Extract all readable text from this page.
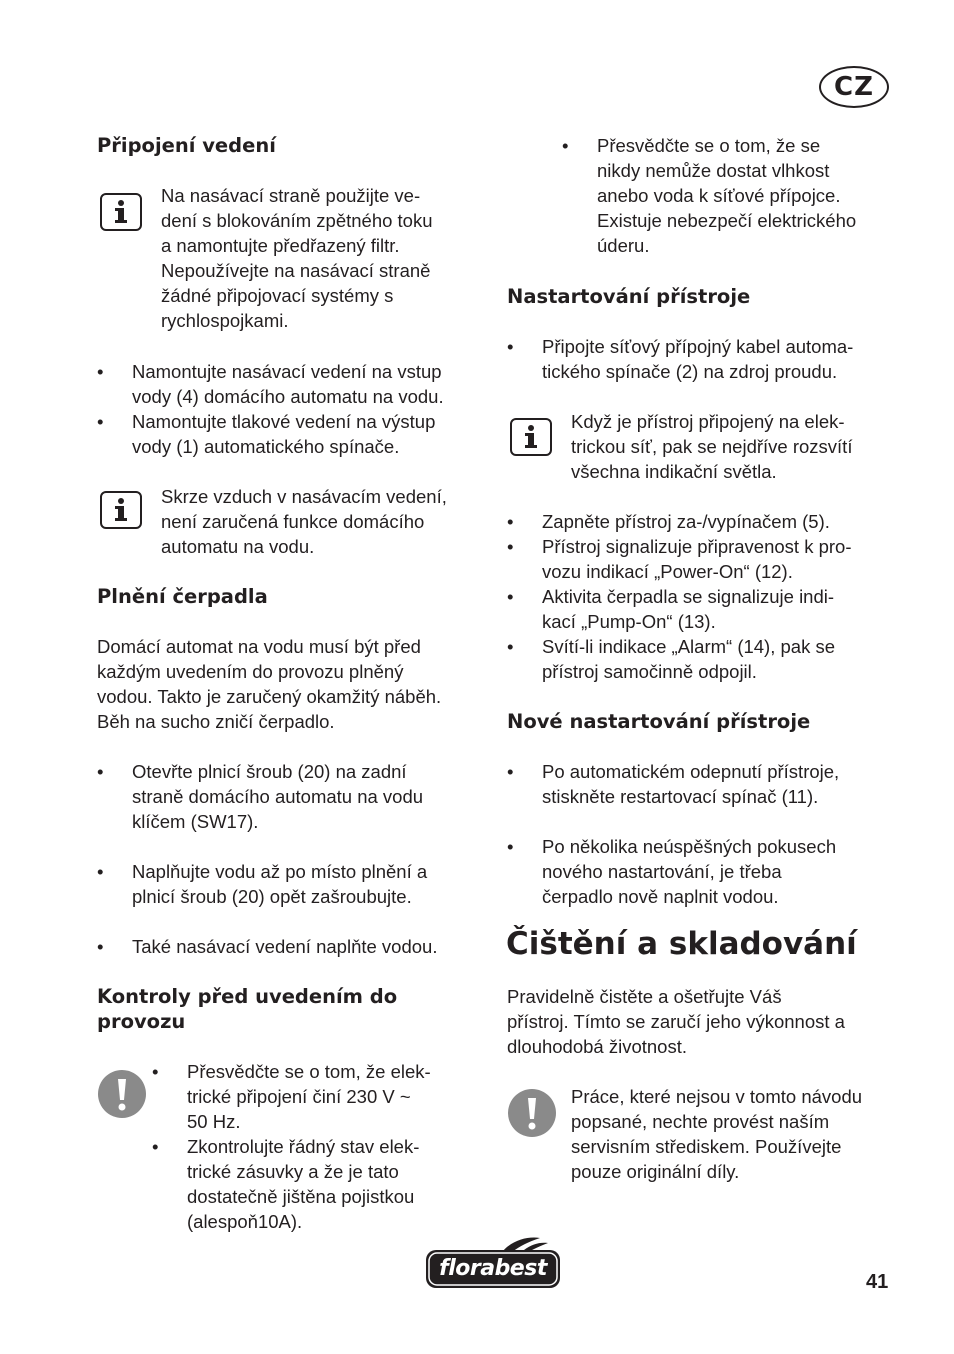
CZ
Připojení vedení

Na nasávací straně použijte ve-
dení s blokováním zpětného toku
a namontujte předřazený filtr.
Nepoužívejte na nasávací straně
žádné připojovací systémy s
rychlospojkami.

• Namontujte nasávací vedení na vstup
vody (4) domácího automatu na vodu.
• Namontujte tlakové vedení na výstup
vody (1) automatického spínače.

Skrze vzduch v nasávacím vedení,
není zaručená funkce domácího
automatu na vodu.

Plnění čerpadla

Domácí automat na vodu musí být před
každým uvedením do provozu plněný
vodou. Takto je zaručený okamžitý náběh.
Běh na sucho zničí čerpadlo.

• Otevřte plnicí šroub (20) na zadní
straně domácího automatu na vodu
klíčem (SW17).
• Naplňujte vodu až po místo plnění a
plnicí šroub (20) opět zašroubujte.
• Také nasávací vedení naplňte vodou.
Kontroly před uvedením do
provozu
• Přesvědčte se o tom, že elek-
trické připojení činí 230 V ~
50 Hz.
• Zkontrolujte řádný stav elek-
trické zásuvky a že je tato
dostatečně jištěna pojistkou
(alespoň10A).
• Přesvědčte se o tom, že se
nikdy nemůže dostat vlhkost
anebo voda k síťové přípojce.
Existuje nebezpečí elektrického
úderu.
Nastartování přístroje
• Připojte síťový přípojný kabel automa-
tického spínače (2) na zdroj proudu.

Když je přístroj připojený na elek-
trickou síť, pak se nejdříve rozsvítí
všechna indikační světla.

• Zapněte přístroj za-/vypínačem (5).
• Přístroj signalizuje připravenost k pro-
vozu indikací „Power-On“ (12).
• Aktivita čerpadla se signalizuje indi-
kací „Pump-On“ (13).
• Svítí-li indikace „Alarm“ (14), pak se
přístroj samočinně odpojil.
Nové nastartování přístroje
• Po automatickém odepnutí přístroje,
stiskněte restartovací spínač (11).
• Po několika neúspěšných pokusech
nového nastartování, je třeba
čerpadlo nově naplnit vodou.
Čištění a skladování

Pravidelně čistěte a ošetřujte Váš
přístroj. Tímto se zaručí jeho výkonnost a
dlouhodobá životnost.

Práce, které nejsou v tomto návodu
popsané, nechte provést naším
servisním střediskem. Používejte
pouze originální díly.

florabest
41
